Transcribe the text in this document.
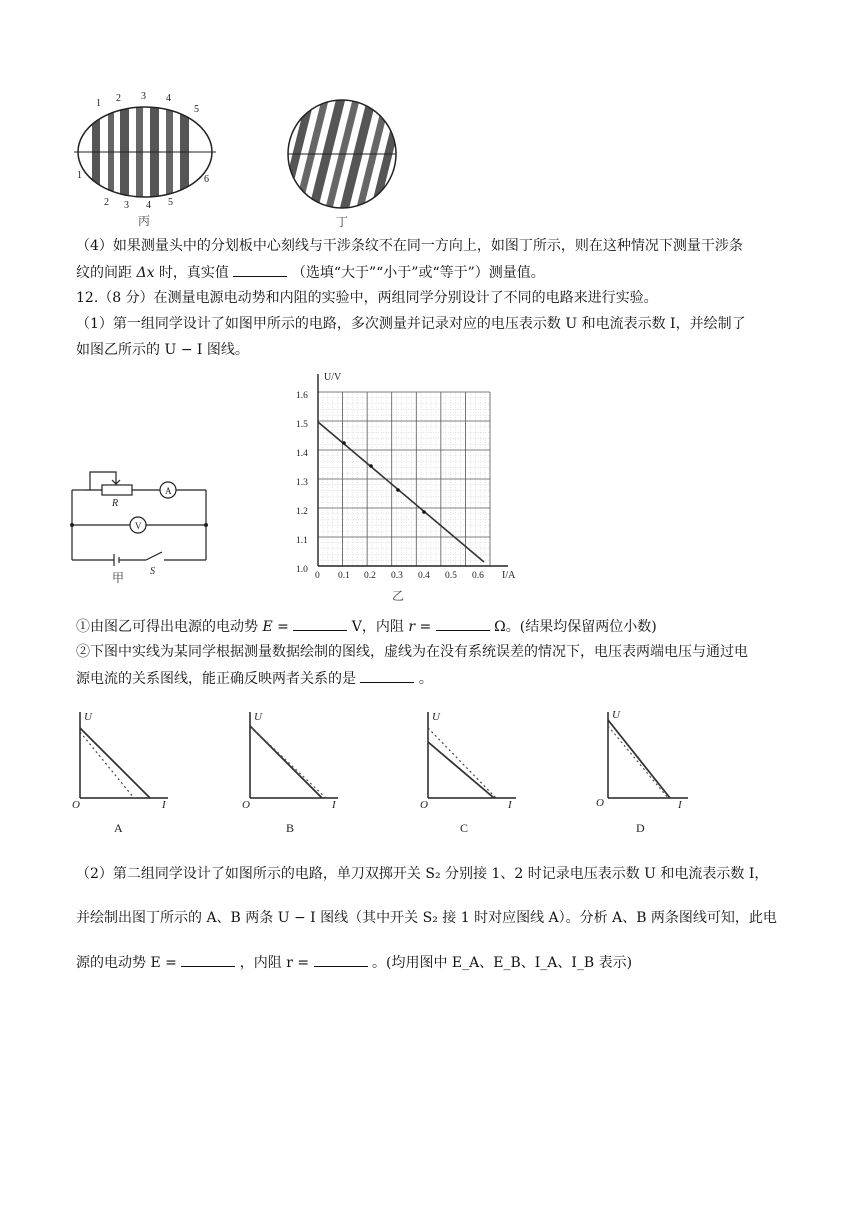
1 2 3 4
5
1
2 3 4 5
6
丙	丁
（4）如果测量头中的分划板中心刻线与干涉条纹不在同一方向上，如图丁所示，则在这种情况下测量干涉条
纹的间距 Δx 时，真实值	（选填“大于”“小于”或“等于”）测量值。
12.（8 分）在测量电源电动势和内阻的实验中，两组同学分别设计了不同的电路来进行实验。
（1）第一组同学设计了如图甲所示的电路，多次测量并记录对应的电压表示数 U 和电流表示数 I，并绘制了
如图乙所示的 U − I 图线。
R
A
V
S
甲
U/V
I/A
1.6
1.5
1.4
1.3
1.2
1.1
1.0
0 0.1 0.2 0.3 0.4 0.5 0.6
乙
①由图乙可得出电源的电动势 E =	V，内阻 r =	Ω。(结果均保留两位小数)
②下图中实线为某同学根据测量数据绘制的图线，虚线为在没有系统误差的情况下，电压表两端电压与通过电
源电流的关系图线，能正确反映两者关系的是	。
U
O	I
A
U
O	I
B
U
O	I
C
U
O	I
D
（2）第二组同学设计了如图所示的电路，单刀双掷开关 S₂ 分别接 1、2 时记录电压表示数 U 和电流表示数 I，
并绘制出图丁所示的 A、B 两条 U − I 图线（其中开关 S₂ 接 1 时对应图线 A）。分析 A、B 两条图线可知，此电
源的电动势 E =	，内阻 r =	。(均用图中 E_A、E_B、I_A、I_B 表示)
